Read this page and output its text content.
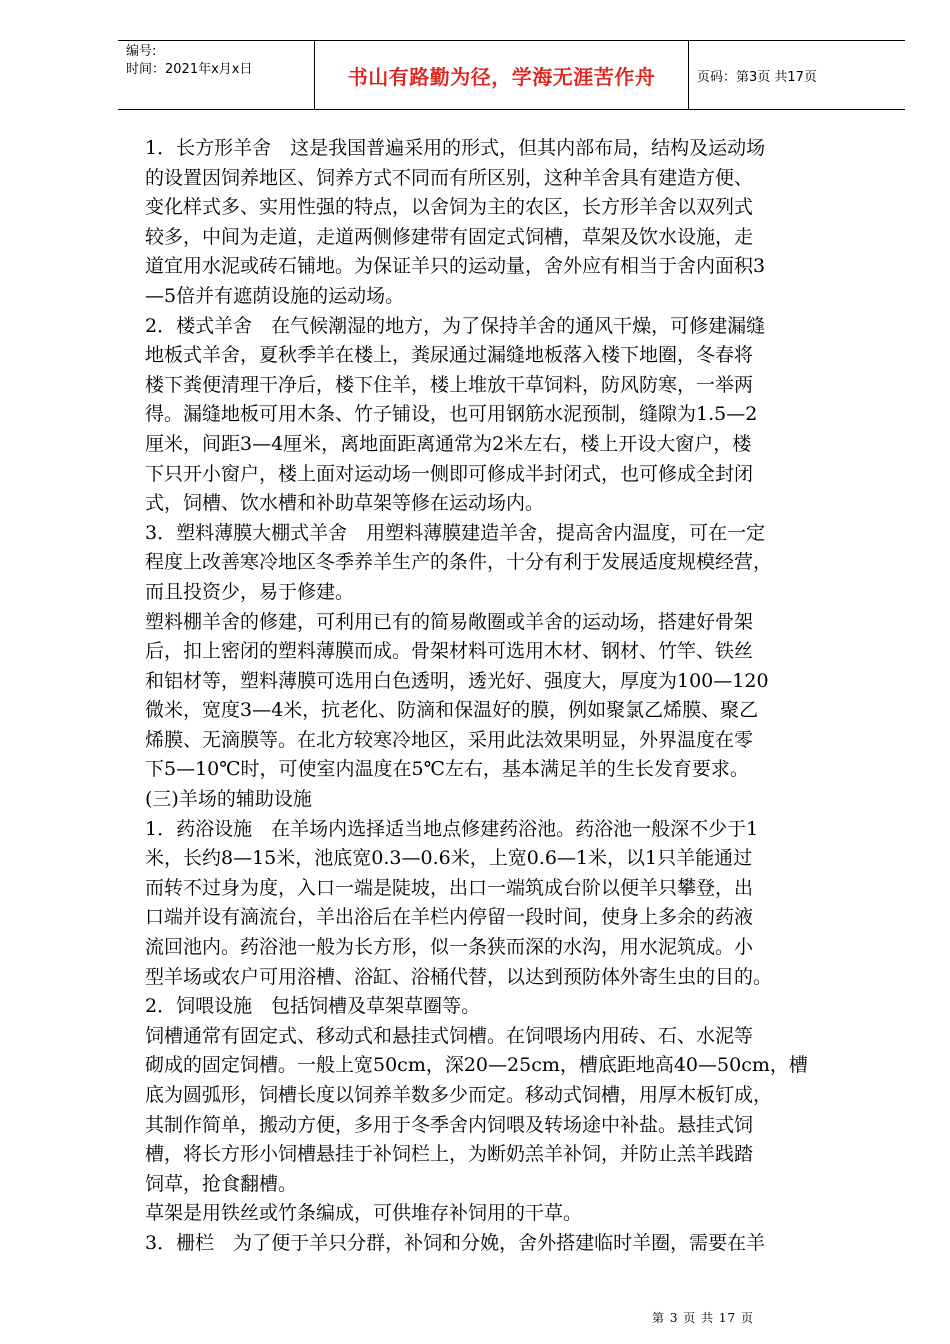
编号:
时间：2021年x月x日	书山有路勤为径，学海无涯苦作舟	页码：第3页 共17页

1．长方形羊舍　这是我国普遍采用的形式，但其内部布局，结构及运动场

的设置因饲养地区、饲养方式不同而有所区别，这种羊舍具有建造方便、

变化样式多、实用性强的特点，以舍饲为主的农区，长方形羊舍以双列式

较多，中间为走道，走道两侧修建带有固定式饲槽，草架及饮水设施，走

道宜用水泥或砖石铺地。为保证羊只的运动量，舍外应有相当于舍内面积3

—5倍并有遮荫设施的运动场。

2．楼式羊舍　在气候潮湿的地方，为了保持羊舍的通风干燥，可修建漏缝

地板式羊舍，夏秋季羊在楼上，粪尿通过漏缝地板落入楼下地圈，冬春将

楼下粪便清理干净后，楼下住羊，楼上堆放干草饲料，防风防寒，一举两

得。漏缝地板可用木条、竹子铺设，也可用钢筋水泥预制，缝隙为1.5—2

厘米，间距3—4厘米，离地面距离通常为2米左右，楼上开设大窗户，楼

下只开小窗户，楼上面对运动场一侧即可修成半封闭式，也可修成全封闭

式，饲槽、饮水槽和补助草架等修在运动场内。

3．塑料薄膜大棚式羊舍　用塑料薄膜建造羊舍，提高舍内温度，可在一定

程度上改善寒冷地区冬季养羊生产的条件，十分有利于发展适度规模经营，

而且投资少，易于修建。

塑料棚羊舍的修建，可利用已有的简易敞圈或羊舍的运动场，搭建好骨架

后，扣上密闭的塑料薄膜而成。骨架材料可选用木材、钢材、竹竿、铁丝

和铝材等，塑料薄膜可选用白色透明，透光好、强度大，厚度为100—120

微米，宽度3—4米，抗老化、防滴和保温好的膜，例如聚氯乙烯膜、聚乙

烯膜、无滴膜等。在北方较寒冷地区，采用此法效果明显，外界温度在零

下5—10℃时，可使室内温度在5℃左右，基本满足羊的生长发育要求。

(三)羊场的辅助设施

1．药浴设施　在羊场内选择适当地点修建药浴池。药浴池一般深不少于1

米，长约8—15米，池底宽0.3—0.6米，上宽0.6—1米，以1只羊能通过

而转不过身为度，入口一端是陡坡，出口一端筑成台阶以便羊只攀登，出

口端并设有滴流台，羊出浴后在羊栏内停留一段时间，使身上多余的药液

流回池内。药浴池一般为长方形，似一条狭而深的水沟，用水泥筑成。小

型羊场或农户可用浴槽、浴缸、浴桶代替，以达到预防体外寄生虫的目的。

2．饲喂设施　包括饲槽及草架草圈等。

饲槽通常有固定式、移动式和悬挂式饲槽。在饲喂场内用砖、石、水泥等

砌成的固定饲槽。一般上宽50cm，深20—25cm，槽底距地高40—50cm，槽

底为圆弧形，饲槽长度以饲养羊数多少而定。移动式饲槽，用厚木板钉成，

其制作简单，搬动方便，多用于冬季舍内饲喂及转场途中补盐。悬挂式饲

槽，将长方形小饲槽悬挂于补饲栏上，为断奶羔羊补饲，并防止羔羊践踏

饲草，抢食翻槽。

草架是用铁丝或竹条编成，可供堆存补饲用的干草。

3．栅栏　为了便于羊只分群，补饲和分娩，舍外搭建临时羊圈，需要在羊

第 3 页 共 17 页
